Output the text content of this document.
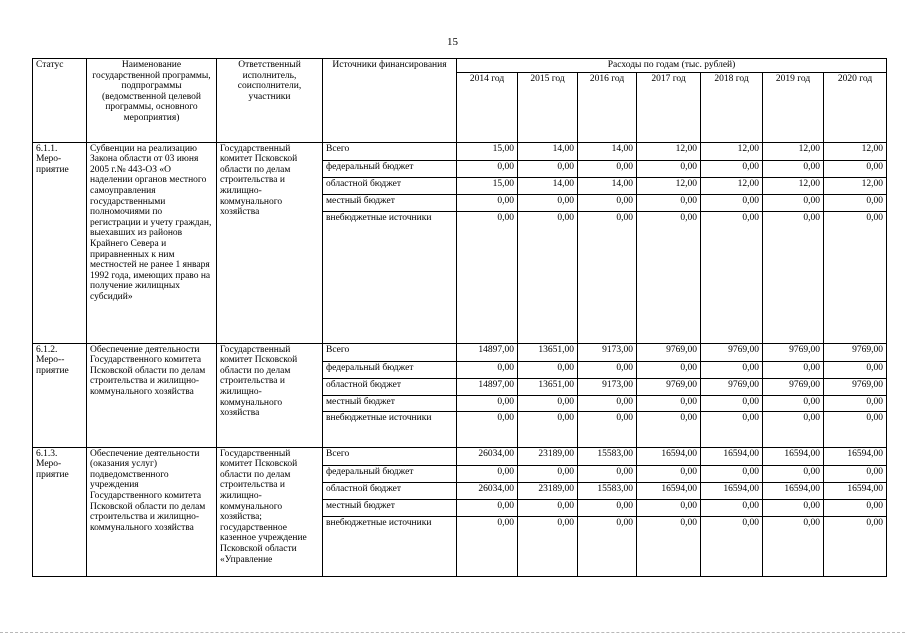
15
Статус	Наименование государственной программы, подпрограммы (ведомственной целевой программы, основного мероприятия)	Ответственный исполнитель, соисполнители, участники	Источники финансирования	Расходы по годам (тыс. рублей)						
				2014 год	2015 год	2016 год	2017 год	2018 год	2019 год	2020 год
6.1.1. Меро-приятие	Субвенции на реализацию Закона области от 03 июня 2005 г.№ 443-ОЗ «О наделении органов местного самоуправления государственными полномочиями по регистрации и учету граждан, выехавших из районов Крайнего Севера и приравненных к ним местностей не ранее 1 января 1992 года, имеющих право на получение жилищных субсидий»	Государственный комитет Псковской области по делам строительства и жилищно-коммунального хозяйства	Всего	15,00	14,00	14,00	12,00	12,00	12,00	12,00
			федеральный бюджет	0,00	0,00	0,00	0,00	0,00	0,00	0,00
			областной бюджет	15,00	14,00	14,00	12,00	12,00	12,00	12,00
			местный бюджет	0,00	0,00	0,00	0,00	0,00	0,00	0,00
			внебюджетные источники	0,00	0,00	0,00	0,00	0,00	0,00	0,00
6.1.2. Меро-- приятие	Обеспечение деятельности Государственного комитета Псковской области по делам строительства и жилищно-коммунального хозяйства	Государственный комитет Псковской области по делам строительства и жилищно-коммунального хозяйства	Всего	14897,00	13651,00	9173,00	9769,00	9769,00	9769,00	9769,00
			федеральный бюджет	0,00	0,00	0,00	0,00	0,00	0,00	0,00
			областной бюджет	14897,00	13651,00	9173,00	9769,00	9769,00	9769,00	9769,00
			местный бюджет	0,00	0,00	0,00	0,00	0,00	0,00	0,00
			внебюджетные источники	0,00	0,00	0,00	0,00	0,00	0,00	0,00
6.1.3. Меро-приятие	Обеспечение деятельности (оказания услуг) подведомственного учреждения Государственного комитета Псковской области по делам строительства и жилищно-коммунального хозяйства	Государственный комитет Псковской области по делам строительства и жилищно-коммунального хозяйства; государственное казенное учреждение Псковской области «Управление	Всего	26034,00	23189,00	15583,00	16594,00	16594,00	16594,00	16594,00
			федеральный бюджет	0,00	0,00	0,00	0,00	0,00	0,00	0,00
			областной бюджет	26034,00	23189,00	15583,00	16594,00	16594,00	16594,00	16594,00
			местный бюджет	0,00	0,00	0,00	0,00	0,00	0,00	0,00
			внебюджетные источники	0,00	0,00	0,00	0,00	0,00	0,00	0,00
